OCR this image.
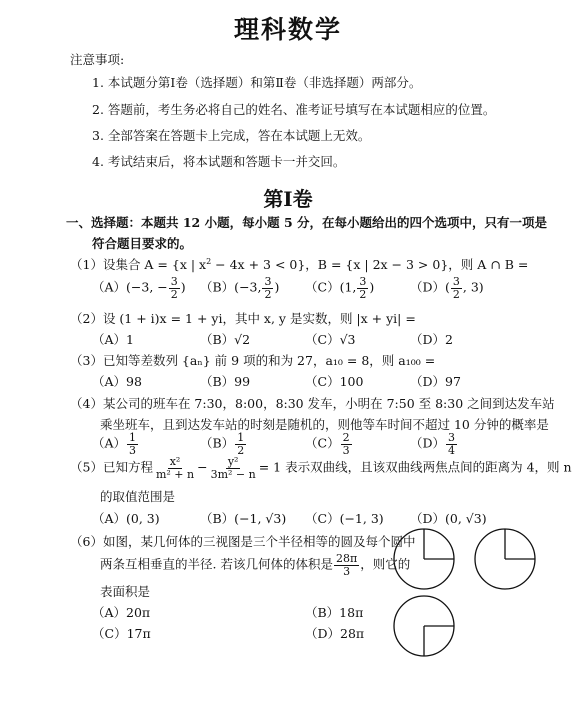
理科数学
注意事项:
1. 本试题分第Ⅰ卷（选择题）和第Ⅱ卷（非选择题）两部分。
2. 答题前，考生务必将自己的姓名、准考证号填写在本试题相应的位置。
3. 全部答案在答题卡上完成，答在本试题上无效。
4. 考试结束后，将本试题和答题卡一并交回。
第Ⅰ卷
一、选择题：本题共 12 小题，每小题 5 分，在每小题给出的四个选项中，只有一项是
符合题目要求的。
（1）设集合 A = {x | $x^2 - 4x + 3 < 0$}，B = {x | 2x − 3 > 0}，则 A ∩ B =
（A）(−3, − $\frac{3}{2}$ ) （B）(−3, $\frac{3}{2}$ ) （C）(1, $\frac{3}{2}$ )	$(D)( \frac{3}{2}$ , 3)
（2）设 (1 + i)x = 1 + yi，其中 x, y 是实数，则 |x + yi| =
（A）1	（B）√2	（C）√3	（D）2
（3）已知等差数列 {aₙ} 前 9 项的和为 27，a₁₀ = 8，则 a₁₀₀ =
（A）98	（B）99	（C）100	（D）97
（4）某公司的班车在 7:30，8:00，8:30 发车，小明在 7:50 至 8:30 之间到达发车站
乘坐班车，且到达发车站的时刻是随机的，则他等车时间不超过 10 分钟的概率是
$(A) \frac{1}{3}$	$(B) \frac{1}{2}$	$(C) \frac{2}{3}$	$(D) \frac{3}{4}$
（5）已知方程 $\frac{\text{x²}}{\text{m² + n}} - \frac{\text{y²}}{\text{3m² − n}} = 1$ 表示双曲线，且该双曲线两焦点间的距离为 4，则 n
的取值范围是
（A）(0, 3)	（B）(−1, √3) （C）(−1, 3) （D）(0, √3)
（6）如图，某几何体的三视图是三个半径相等的圆及每个圆中
两条互相垂直的半径. 若该几何体的体积是 $\frac{28\pi}{3}$ ，则它的
表面积是
（A）20π	（B）18π
（C）17π	（D）28π
